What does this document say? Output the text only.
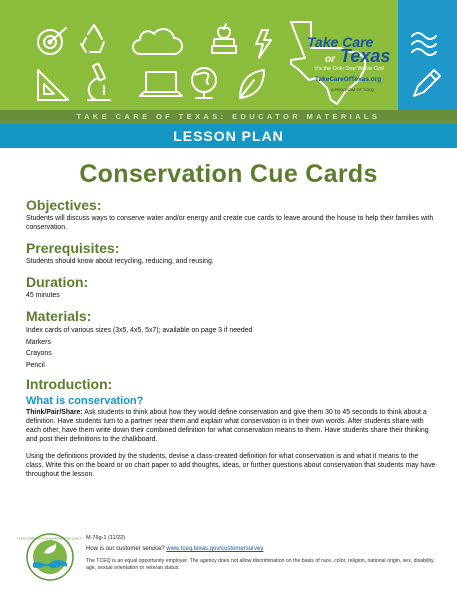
Take Care
or Texas
It's the Only One We've Got!
TakeCareOfTexas.org
A PROGRAM OF TCEQ
TAKE CARE OF TEXAS: EDUCATOR MATERIALS
LESSON PLAN
Conservation Cue Cards
Objectives:

Students will discuss ways to conserve water and/or energy and create cue cards to leave around the house to help their families with conservation.

Prerequisites:

Students should know about recycling, reducing, and reusing.

Duration:

45 minutes

Materials:
Index cards of various sizes (3x5, 4x5, 5x7); available on page 3 if needed
Markers
Crayons
Pencil
Introduction:
What is conservation?

Think/Pair/Share: Ask students to think about how they would define conservation and give them 30 to 45 seconds to think about a definition. Have students turn to a partner near them and explain what conservation is in their own words. After students share with each other, have them write down their combined definition for what conservation means to them. Have students share their thinking and post their definitions to the chalkboard.

Using the definitions provided by the students, devise a class-created definition for what conservation is and what it means to the class. Write this on the board or on chart paper to add thoughts, ideas, or further questions about conservation that students may have throughout the lesson.

TEXAS COMMISSION ON ENVIRONMENTAL QUALITY M-76g-1 (11/22)
How is our customer service? www.tceq.texas.gov/customersurvey
The TCEQ is an equal opportunity employer. The agency does not allow discrimination on the basis of race, color, religion, national origin, sex, disability, age, sexual orientation or veteran status.
